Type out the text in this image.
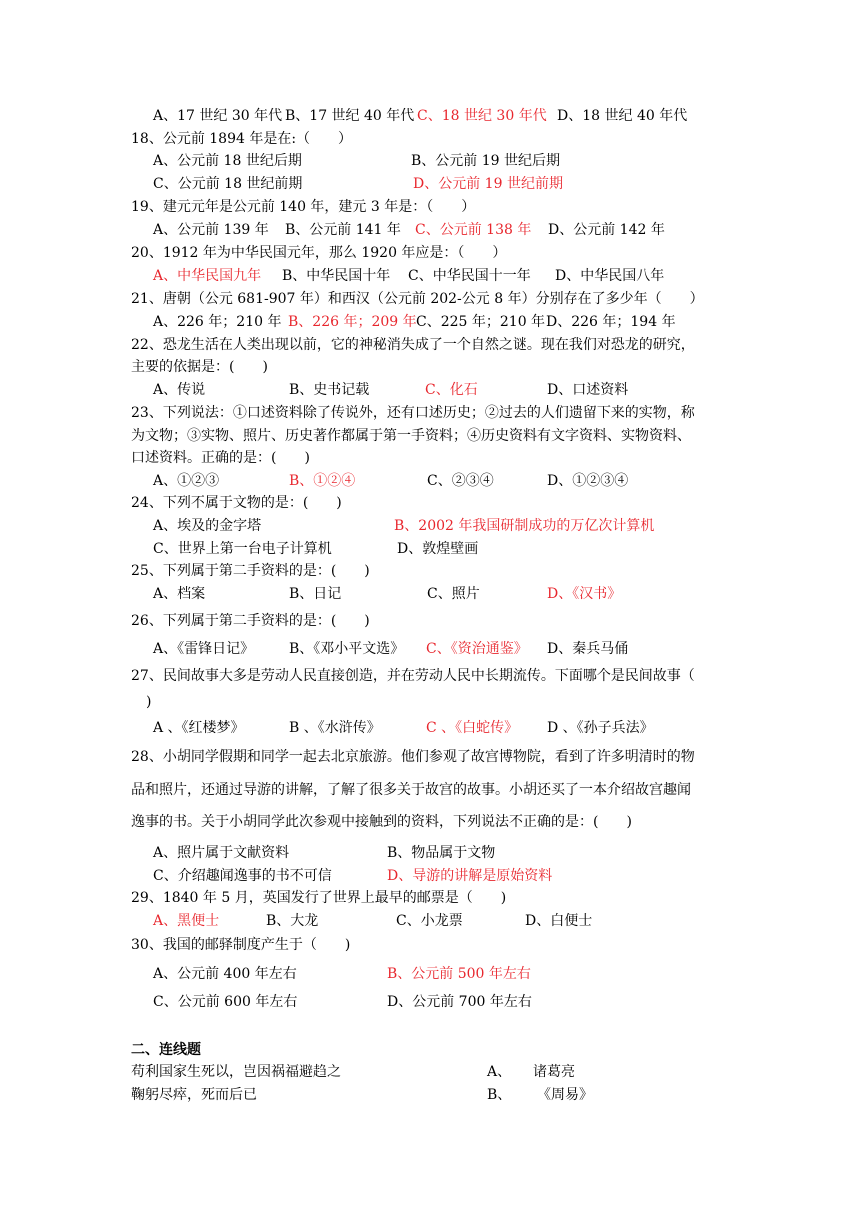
A、17 世纪 30 年代 B、17 世纪 40 年代 C、18 世纪 30 年代 D、18 世纪 40 年代
18、公元前 1894 年是在:（　　）
A、公元前 18 世纪后期	B、公元前 19 世纪后期
C、公元前 18 世纪前期	D、公元前 19 世纪前期
19、建元元年是公元前 140 年，建元 3 年是：（　　）
A、公元前 139 年 B、公元前 141 年 C、公元前 138 年 D、公元前 142 年
20、1912 年为中华民国元年，那么 1920 年应是：（　　）
A、中华民国九年 B、中华民国十年 C、中华民国十一年 D、中华民国八年
21、唐朝（公元 681-907 年）和西汉（公元前 202-公元 8 年）分别存在了多少年（　　）
A、226 年；210 年 B、226 年；209 年 C、225 年；210 年 D、226 年；194 年
22、恐龙生活在人类出现以前，它的神秘消失成了一个自然之谜。现在我们对恐龙的研究，
主要的依据是：(　　)
A、传说	B、史书记载	C、化石	D、口述资料
23、下列说法：①口述资料除了传说外，还有口述历史；②过去的人们遗留下来的实物，称
为文物；③实物、照片、历史著作都属于第一手资料；④历史资料有文字资料、实物资料、
口述资料。正确的是：(　　)
A、①②③	B、①②④	C、②③④	D、①②③④
24、下列不属于文物的是：(　　)
A、埃及的金字塔	B、2002 年我国研制成功的万亿次计算机
C、世界上第一台电子计算机	D、敦煌壁画
25、下列属于第二手资料的是：(　　)
A、档案	B、日记	C、照片	D、《汉书》
26、下列属于第二手资料的是：(　　)
A、《雷锋日记》 B、《邓小平文选》 C、《资治通鉴》 D、秦兵马俑
27、民间故事大多是劳动人民直接创造，并在劳动人民中长期流传。下面哪个是民间故事（
)
A 、《红楼梦》	B 、《水浒传》	C 、《白蛇传》 D 、《孙子兵法》
28、小胡同学假期和同学一起去北京旅游。他们参观了故宫博物院，看到了许多明清时的物
品和照片，还通过导游的讲解，了解了很多关于故宫的故事。小胡还买了一本介绍故宫趣闻
逸事的书。关于小胡同学此次参观中接触到的资料，下列说法不正确的是：(　　)
A、照片属于文献资料	B、物品属于文物
C、介绍趣闻逸事的书不可信	D、导游的讲解是原始资料
29、1840 年 5 月，英国发行了世界上最早的邮票是（　　)
A、黑便士	B、大龙	C、小龙票	D、白便士
30、我国的邮驿制度产生于（　　)
A、公元前 400 年左右	B、公元前 500 年左右
C、公元前 600 年左右	D、公元前 700 年左右
二、连线题
苟利国家生死以，岂因祸福避趋之	A、 诸葛亮
鞠躬尽瘁，死而后已	B、 《周易》
